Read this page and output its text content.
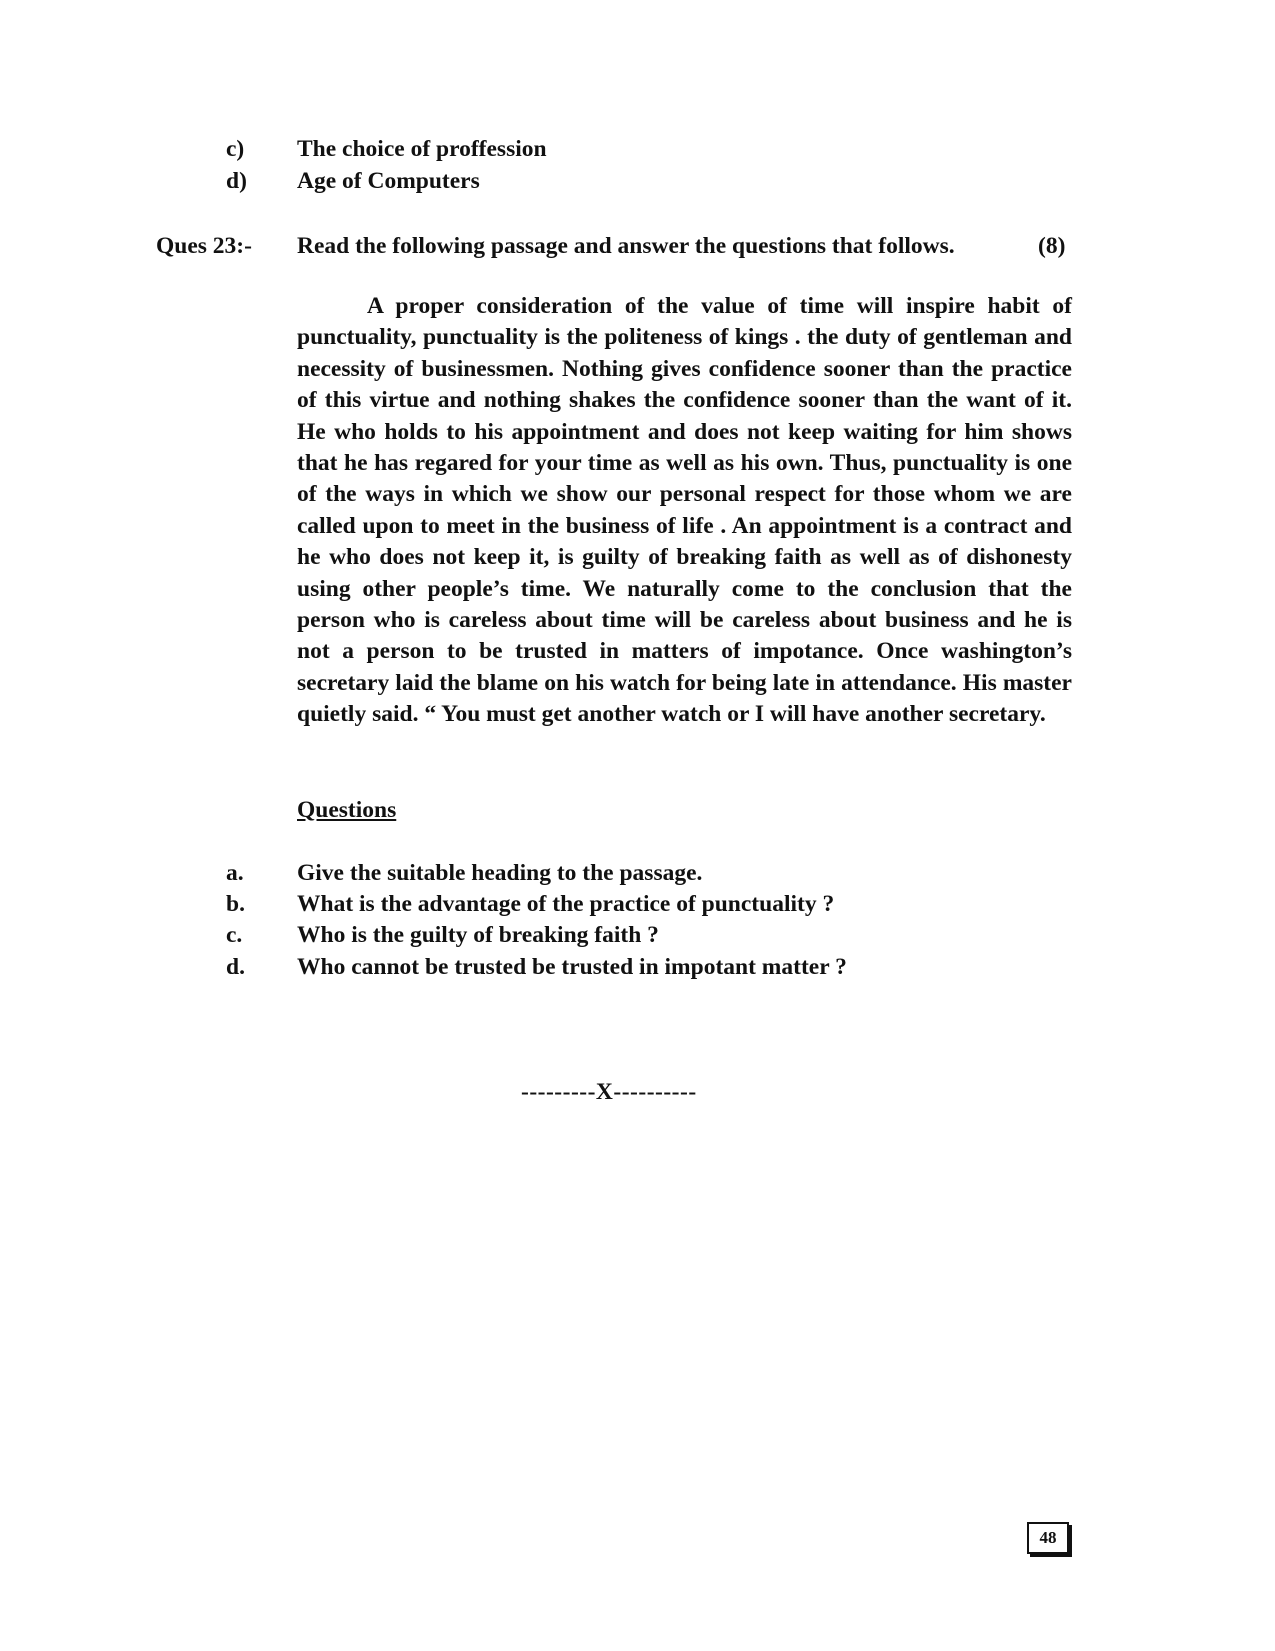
c) The choice of proffession
d) Age of Computers
Ques 23:- Read the following passage and answer the questions that follows.	(8)

A proper consideration of the value of time will inspire habit of punctuality, punctuality is the politeness of kings . the duty of gentleman and necessity of businessmen. Nothing gives confidence sooner than the practice of this virtue and nothing shakes the confidence sooner than the want of it. He who holds to his appointment and does not keep waiting for him shows that he has regared for your time as well as his own. Thus, punctuality is one of the ways in which we show our personal respect for those whom we are called upon to meet in the business of life . An appointment is a contract and he who does not keep it, is guilty of breaking faith as well as of dishonesty using other people’s time. We naturally come to the conclusion that the person who is careless about time will be careless about business and he is not a person to be trusted in matters of impotance. Once washington’s secretary laid the blame on his watch for being late in attendance. His master quietly said. “ You must get another watch or I will have another secretary.

Questions
a. Give the suitable heading to the passage.
b. What is the advantage of the practice of punctuality ?
c. Who is the guilty of breaking faith ?
d. Who cannot be trusted be trusted in impotant matter ?
---------X----------
48
